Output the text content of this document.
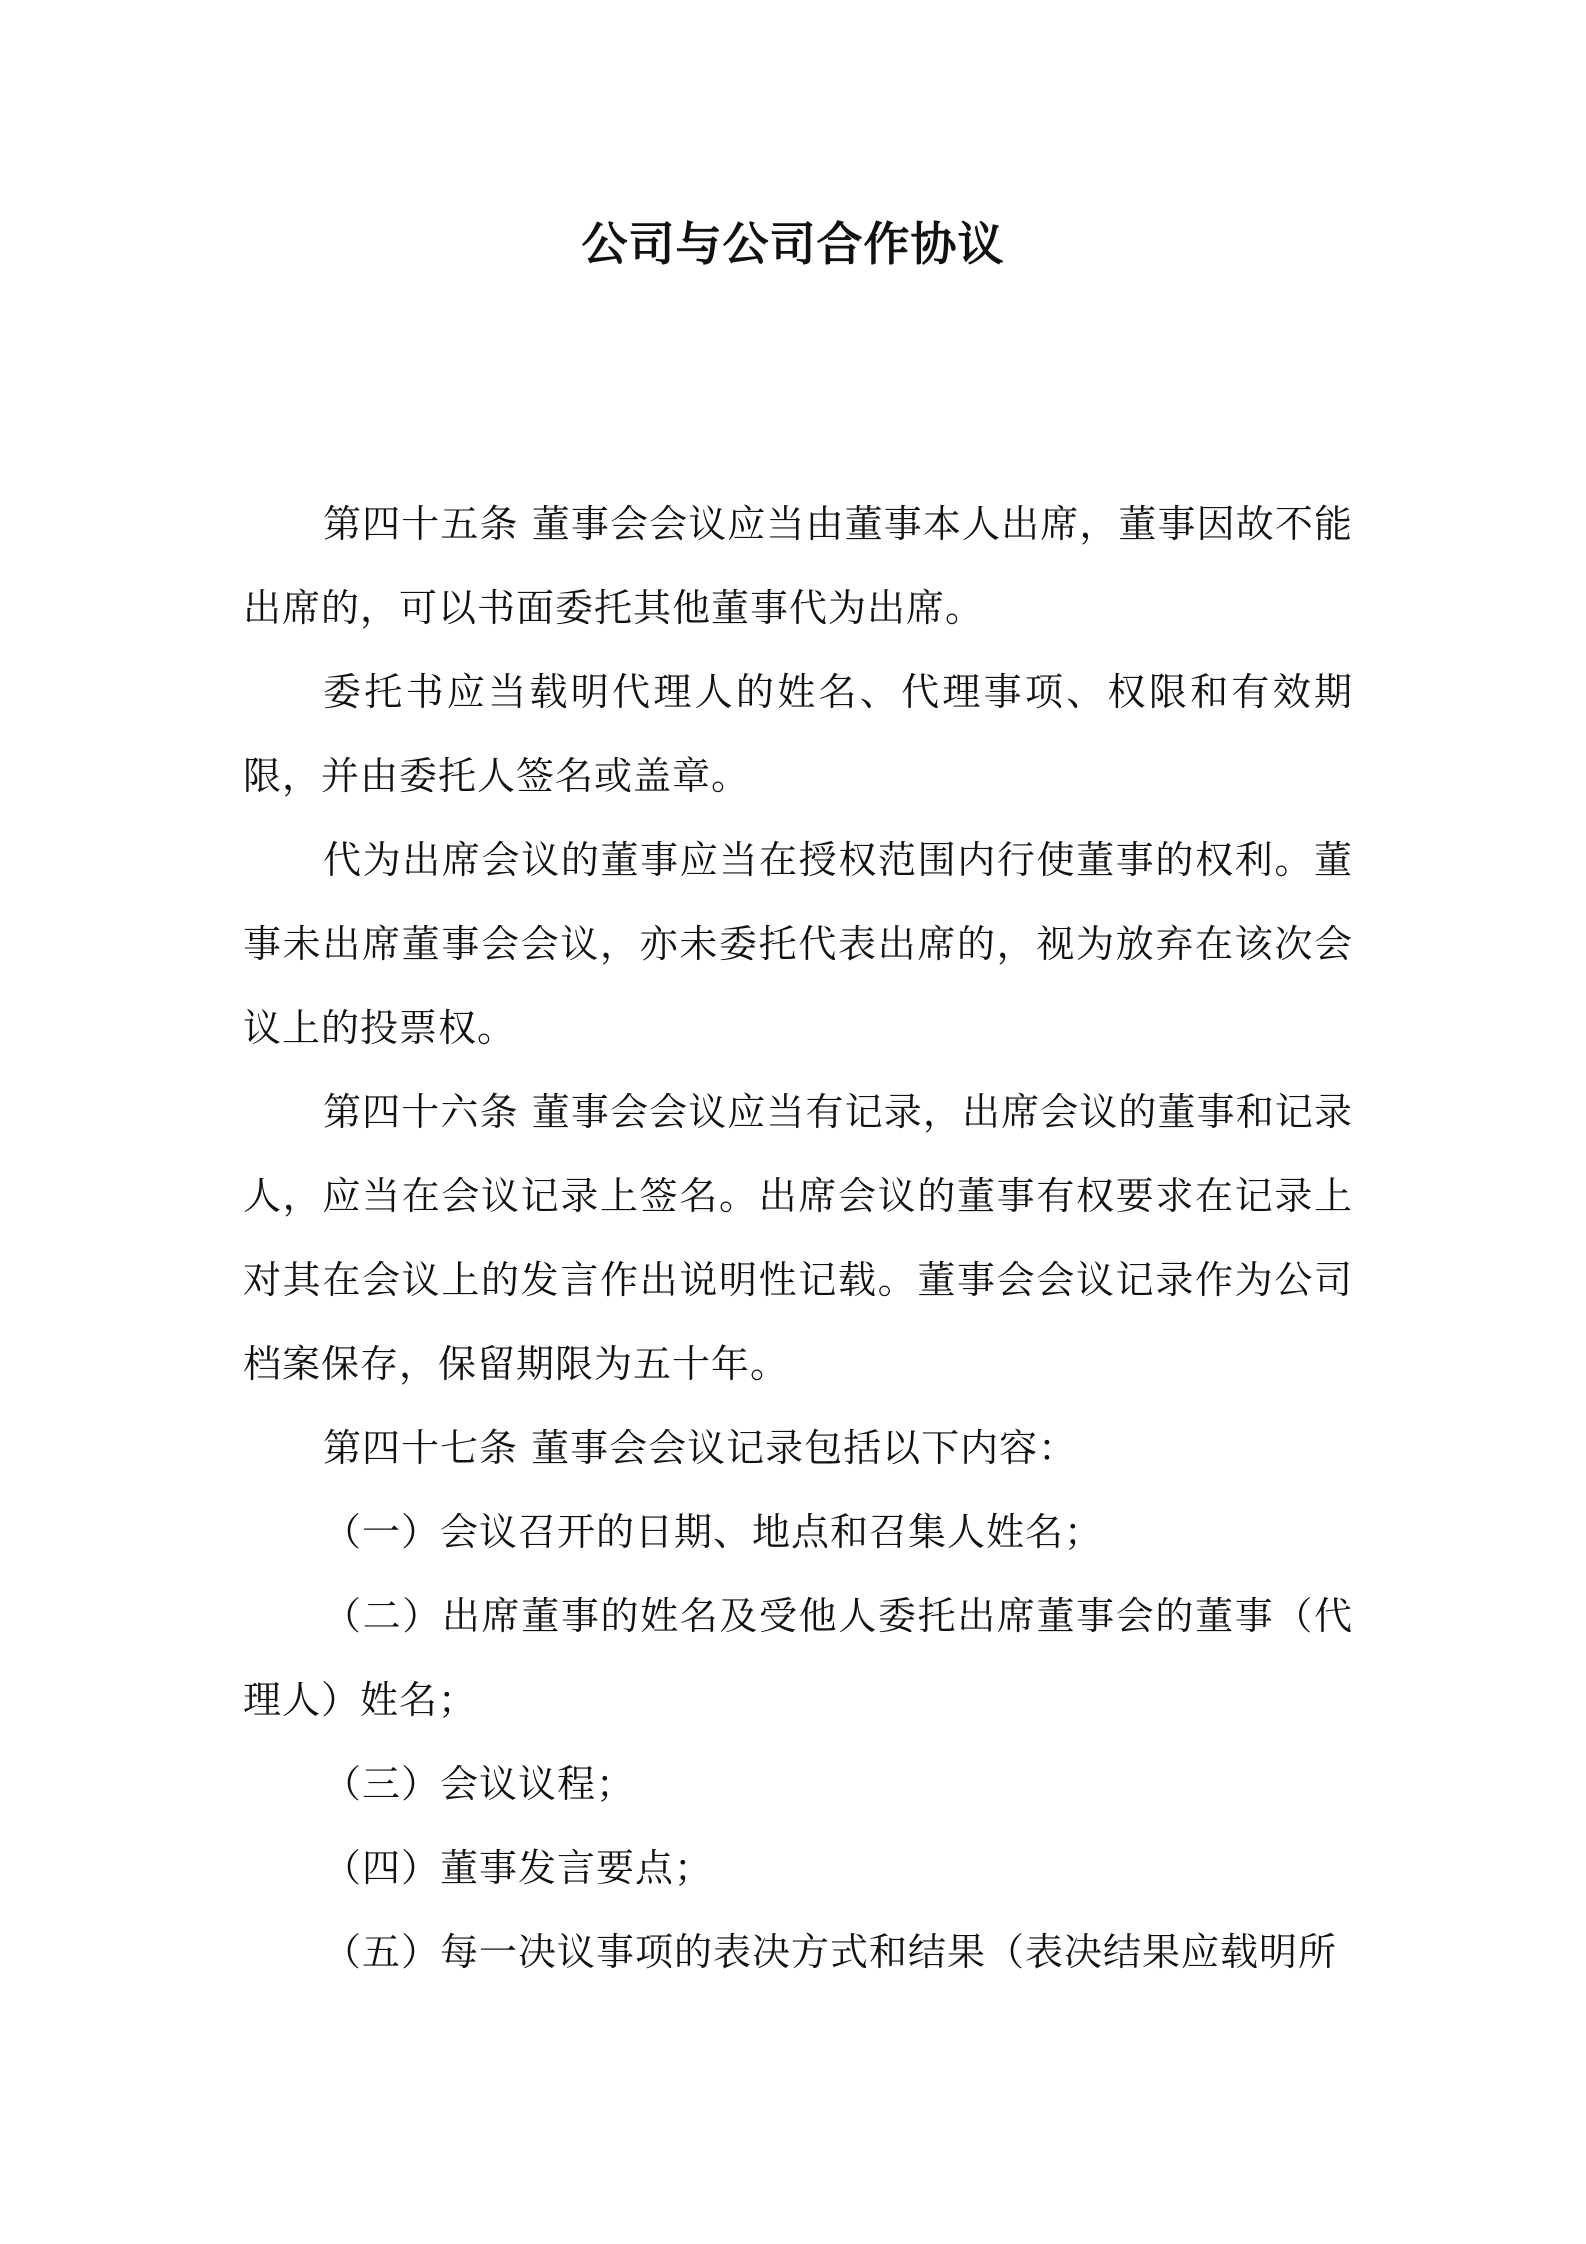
公司与公司合作协议

第四十五条 董事会会议应当由董事本人出席，董事因故不能出席的，可以书面委托其他董事代为出席。

委托书应当载明代理人的姓名、代理事项、权限和有效期限，并由委托人签名或盖章。

代为出席会议的董事应当在授权范围内行使董事的权利。董事未出席董事会会议，亦未委托代表出席的，视为放弃在该次会议上的投票权。

第四十六条 董事会会议应当有记录，出席会议的董事和记录人，应当在会议记录上签名。出席会议的董事有权要求在记录上对其在会议上的发言作出说明性记载。董事会会议记录作为公司档案保存，保留期限为五十年。

第四十七条 董事会会议记录包括以下内容：

（一）会议召开的日期、地点和召集人姓名；

（二）出席董事的姓名及受他人委托出席董事会的董事（代理人）姓名；

（三）会议议程；

（四）董事发言要点；

（五）每一决议事项的表决方式和结果（表决结果应载明所
